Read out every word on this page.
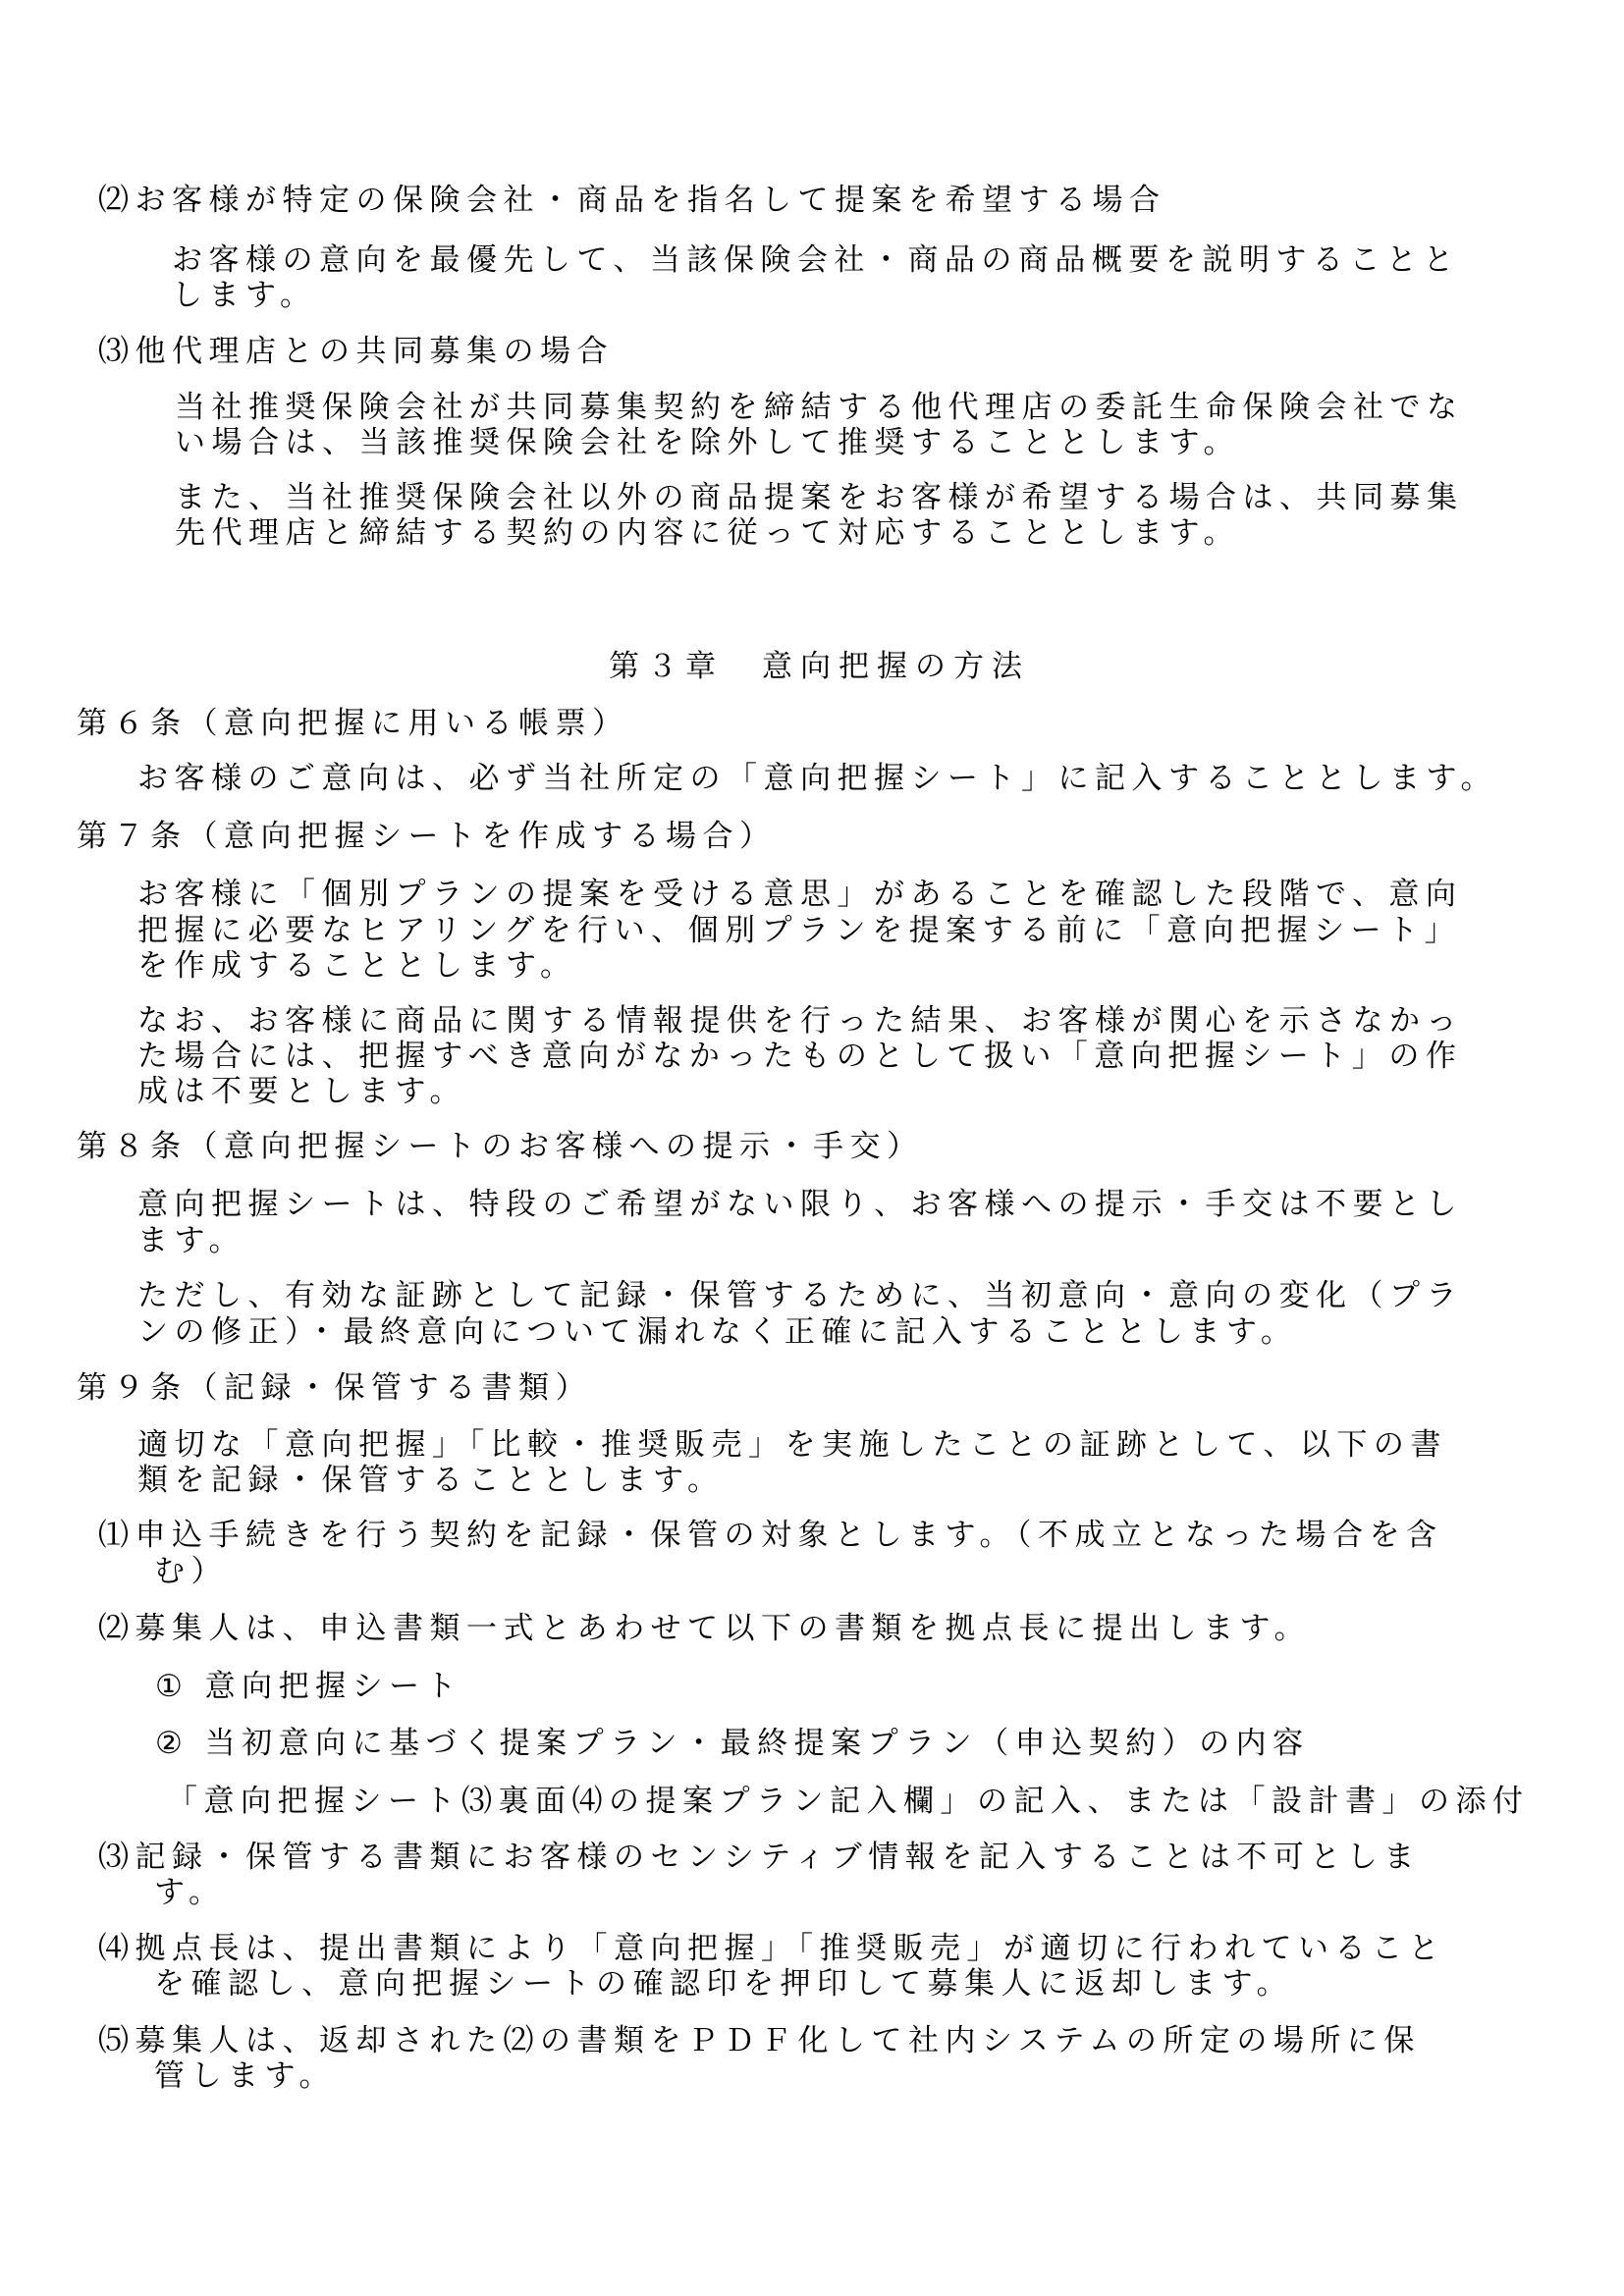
⑵お客様が特定の保険会社・商品を指名して提案を希望する場合

お客様の意向を最優先して、当該保険会社・商品の商品概要を説明することと

します。

⑶他代理店との共同募集の場合

当社推奨保険会社が共同募集契約を締結する他代理店の委託生命保険会社でな

い場合は、当該推奨保険会社を除外して推奨することとします。

また、当社推奨保険会社以外の商品提案をお客様が希望する場合は、共同募集

先代理店と締結する契約の内容に従って対応することとします。

第３章　意向把握の方法

第６条（意向把握に用いる帳票）

お客様のご意向は、必ず当社所定の「意向把握シート」に記入することとします。

第７条（意向把握シートを作成する場合）

お客様に「個別プランの提案を受ける意思」があることを確認した段階で、意向

把握に必要なヒアリングを行い、個別プランを提案する前に「意向把握シート」

を作成することとします。

なお、お客様に商品に関する情報提供を行った結果、お客様が関心を示さなかっ

た場合には、把握すべき意向がなかったものとして扱い「意向把握シート」の作

成は不要とします。

第８条（意向把握シートのお客様への提示・手交）

意向把握シートは、特段のご希望がない限り、お客様への提示・手交は不要とし

ます。

ただし、有効な証跡として記録・保管するために、当初意向・意向の変化（プラ

ンの修正）・最終意向について漏れなく正確に記入することとします。

第９条（記録・保管する書類）

適切な「意向把握」「比較・推奨販売」を実施したことの証跡として、以下の書

類を記録・保管することとします。

⑴申込手続きを行う契約を記録・保管の対象とします。（不成立となった場合を含

む）

⑵募集人は、申込書類一式とあわせて以下の書類を拠点長に提出します。

① 意向把握シート

② 当初意向に基づく提案プラン・最終提案プラン（申込契約）の内容

「意向把握シート⑶裏面⑷の提案プラン記入欄」の記入、または「設計書」の添付

⑶記録・保管する書類にお客様のセンシティブ情報を記入することは不可としま

す。

⑷拠点長は、提出書類により「意向把握」「推奨販売」が適切に行われていること

を確認し、意向把握シートの確認印を押印して募集人に返却します。

⑸募集人は、返却された⑵の書類をＰＤＦ化して社内システムの所定の場所に保

管します。
